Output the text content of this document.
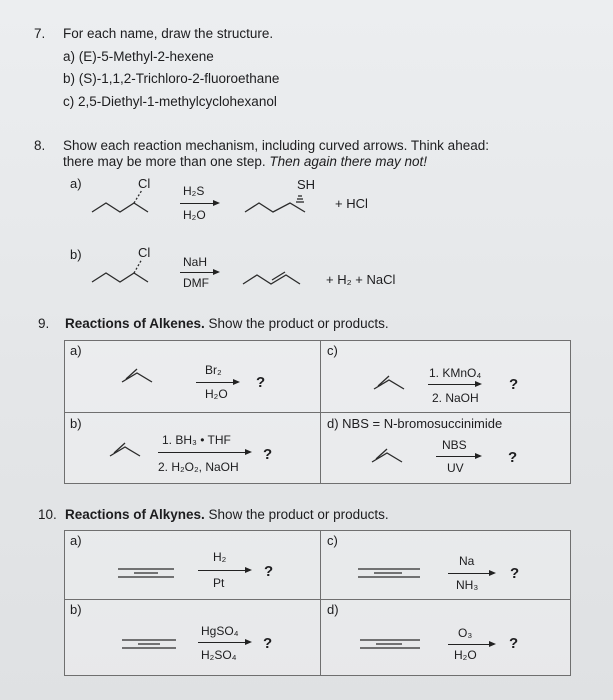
7. For each name, draw the structure.
a) (E)-5-Methyl-2-hexene
b) (S)-1,1,2-Trichloro-2-fluoroethane
c) 2,5-Diethyl-1-methylcyclohexanol
8. Show each reaction mechanism, including curved arrows. Think ahead:
there may be more than one step. Then again there may not!
a)	Cl	H₂S
H₂O
SH
+ HCl
b)	Cl
NaH
DMF	+ H₂ + NaCl
9. Reactions of Alkenes. Show the product or products.
a)
Br₂
H₂O
?
c)
1. KMnO₄
2. NaOH
?
b)
1. BH₃ • THF
2. H₂O₂, NaOH
?
d) NBS = N-bromosuccinimide
NBS
UV
?
10. Reactions of Alkynes. Show the product or products.
a)
H₂
Pt
?
c)
Na
NH₃
?
b)
HgSO₄
H₂SO₄
?
d)
O₃
H₂O
?
